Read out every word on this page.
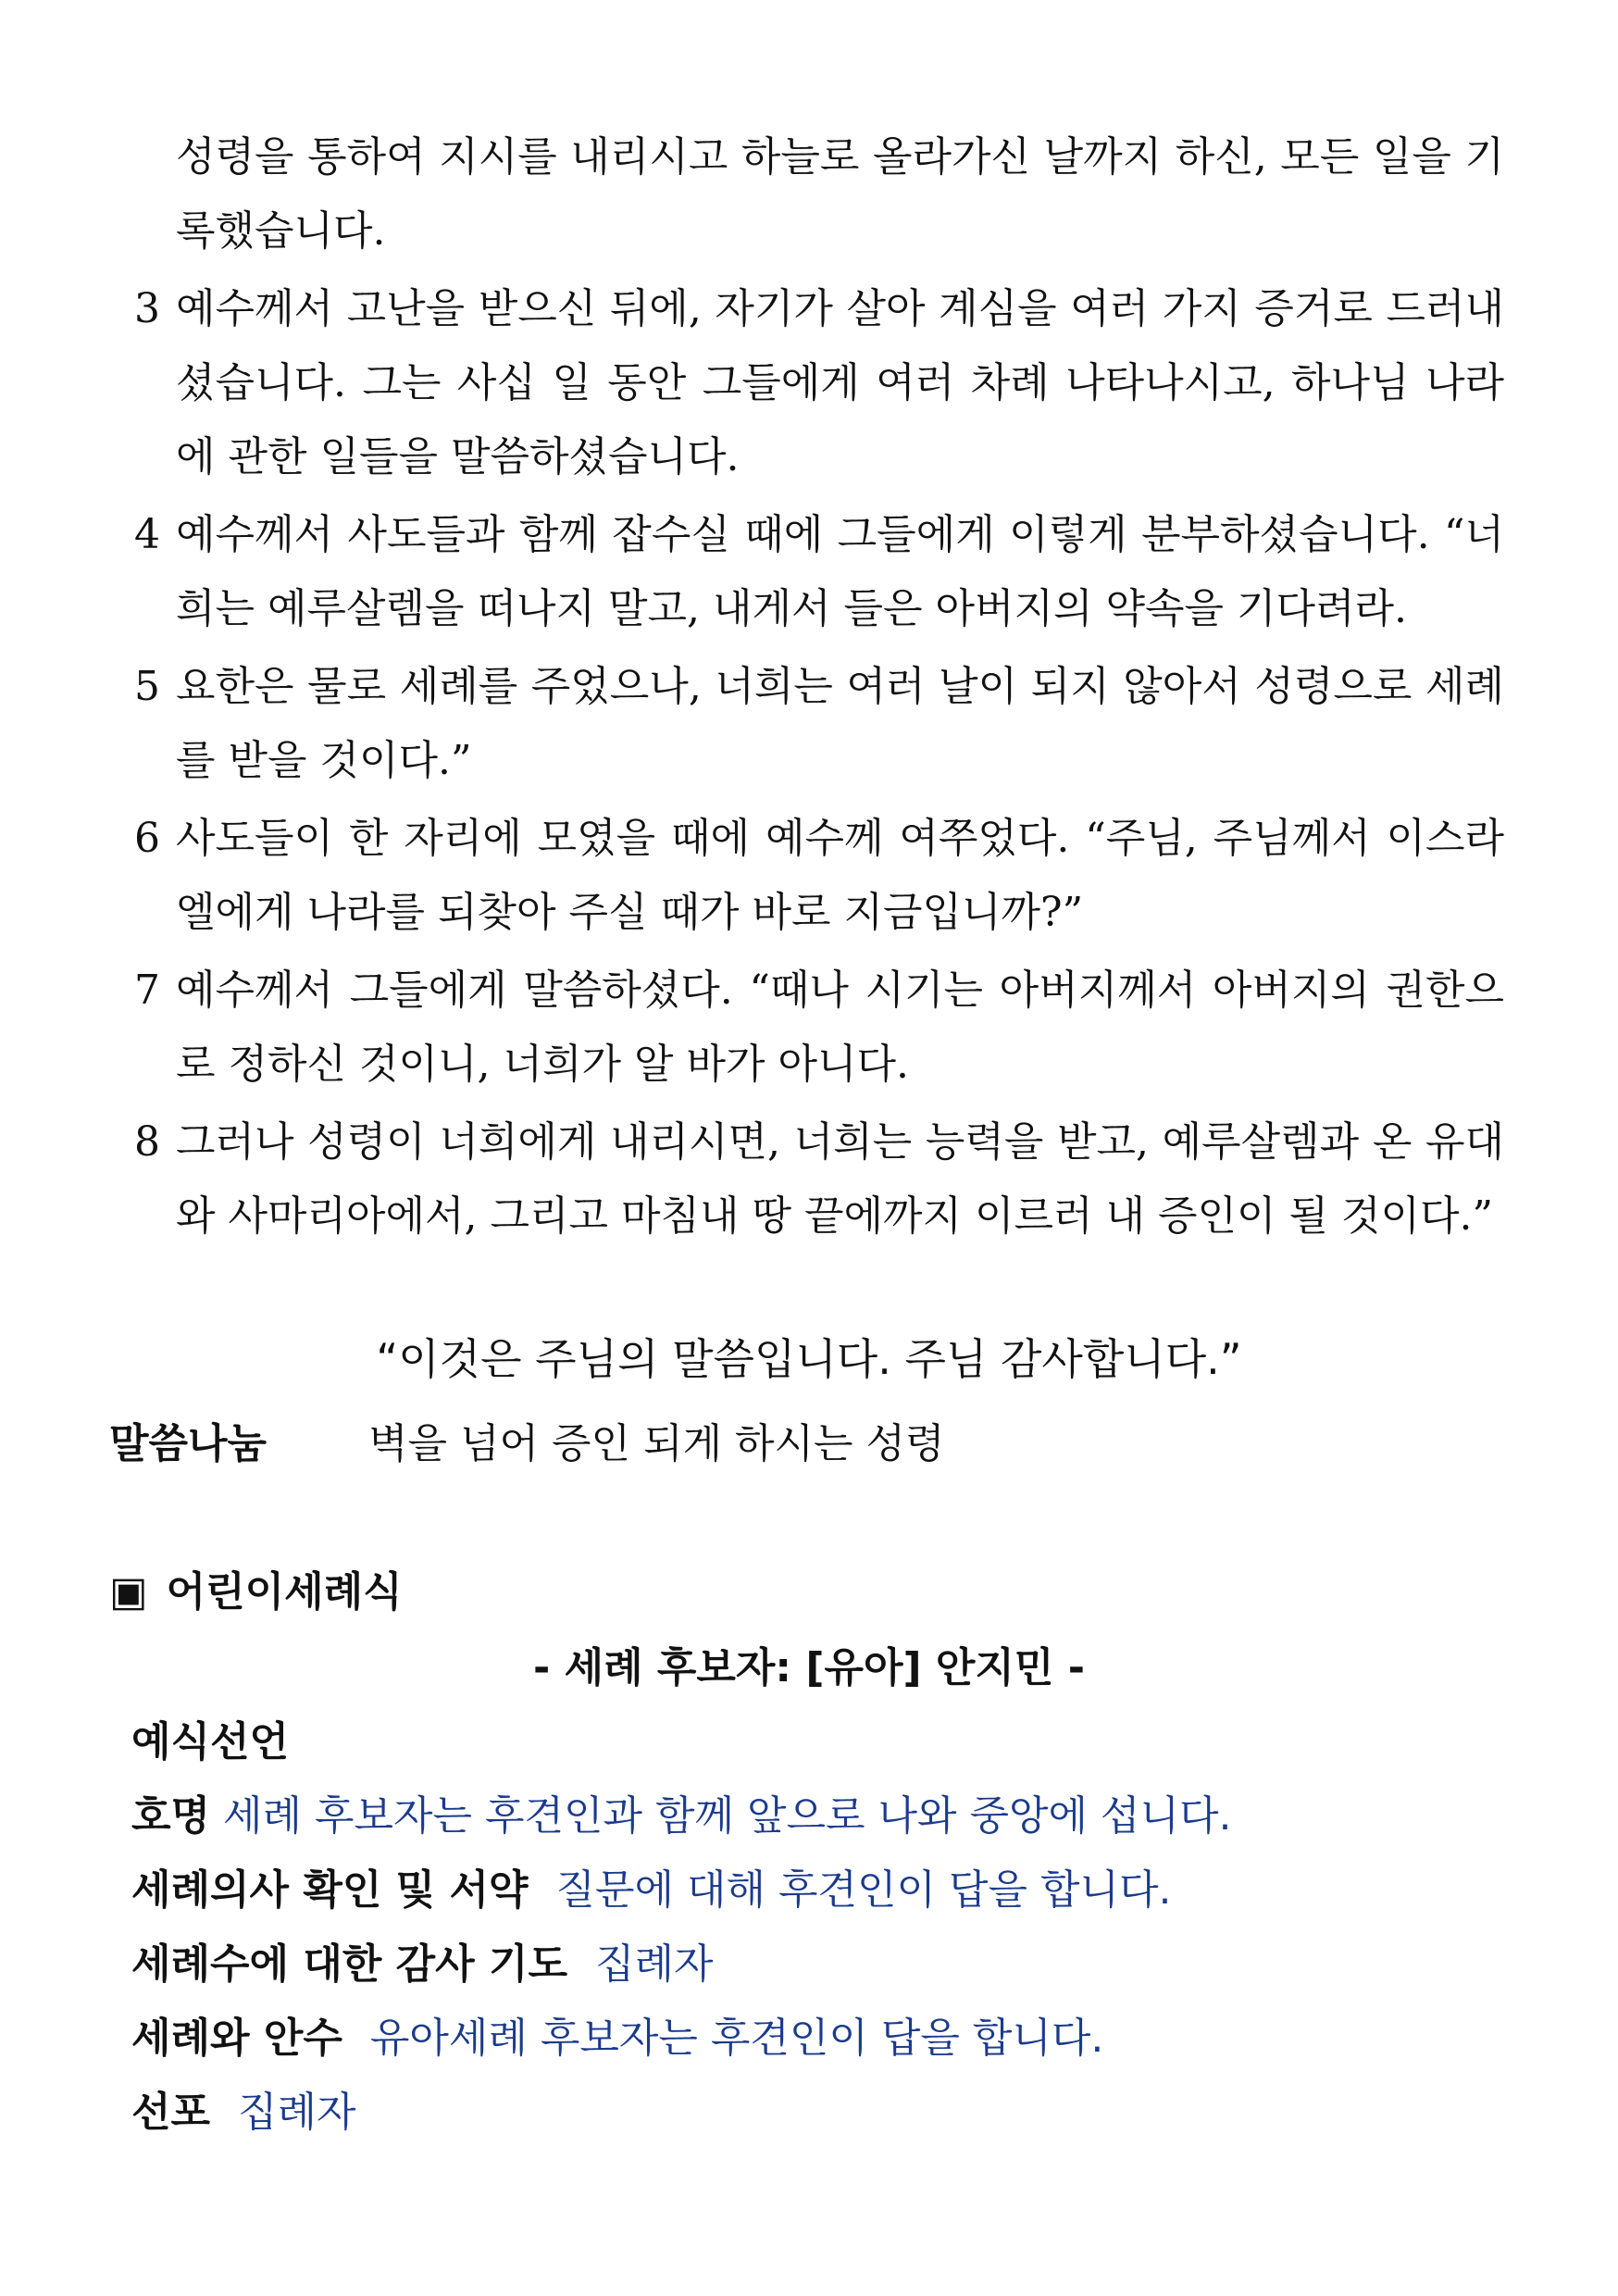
성령을 통하여 지시를 내리시고 하늘로 올라가신 날까지 하신, 모든 일을 기록했습니다.

3 예수께서 고난을 받으신 뒤에, 자기가 살아 계심을 여러 가지 증거로 드러내셨습니다. 그는 사십 일 동안 그들에게 여러 차례 나타나시고, 하나님 나라에 관한 일들을 말씀하셨습니다.

4 예수께서 사도들과 함께 잡수실 때에 그들에게 이렇게 분부하셨습니다. “너희는 예루살렘을 떠나지 말고, 내게서 들은 아버지의 약속을 기다려라.

5 요한은 물로 세례를 주었으나, 너희는 여러 날이 되지 않아서 성령으로 세례를 받을 것이다.”

6 사도들이 한 자리에 모였을 때에 예수께 여쭈었다. “주님, 주님께서 이스라엘에게 나라를 되찾아 주실 때가 바로 지금입니까?”

7 예수께서 그들에게 말씀하셨다. “때나 시기는 아버지께서 아버지의 권한으로 정하신 것이니, 너희가 알 바가 아니다.

8 그러나 성령이 너희에게 내리시면, 너희는 능력을 받고, 예루살렘과 온 유대와 사마리아에서, 그리고 마침내 땅 끝에까지 이르러 내 증인이 될 것이다.”

“이것은 주님의 말씀입니다. 주님 감사합니다.”
말씀나눔 벽을 넘어 증인 되게 하시는 성령
▣ 어린이세례식
- 세례 후보자: [유아] 안지민 -
예식선언
호명 세례 후보자는 후견인과 함께 앞으로 나와 중앙에 섭니다.
세례의사 확인 및 서약 질문에 대해 후견인이 답을 합니다.
세례수에 대한 감사 기도 집례자
세례와 안수 유아세례 후보자는 후견인이 답을 합니다.
선포 집례자
